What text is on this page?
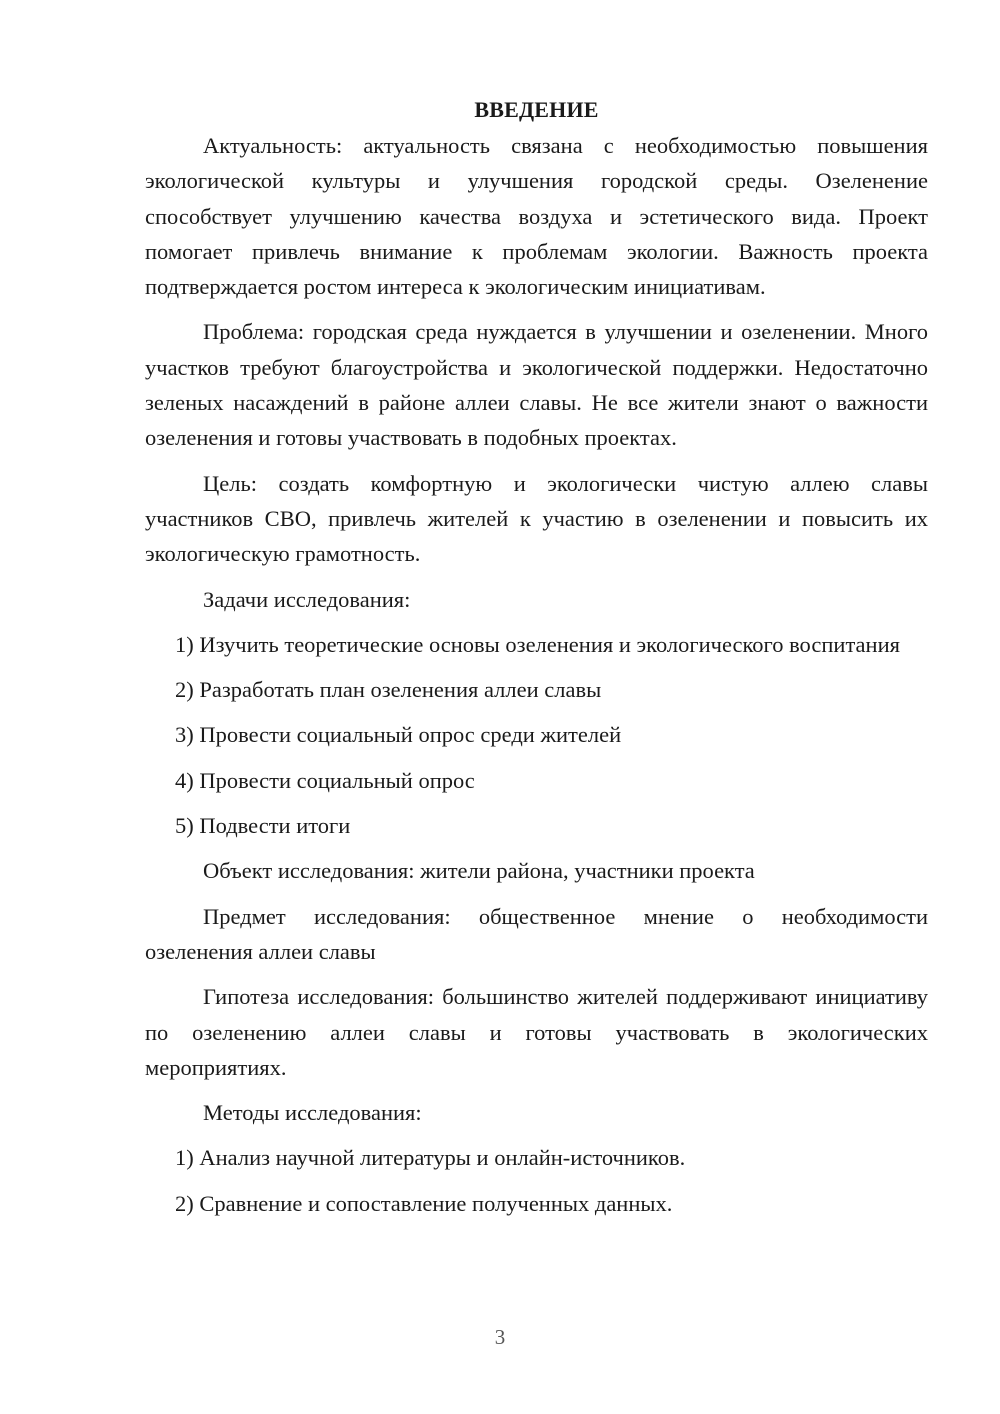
ВВЕДЕНИЕ

Актуальность: актуальность связана с необходимостью повышения экологической культуры и улучшения городской среды. Озеленение способствует улучшению качества воздуха и эстетического вида. Проект помогает привлечь внимание к проблемам экологии. Важность проекта подтверждается ростом интереса к экологическим инициативам.

Проблема: городская среда нуждается в улучшении и озеленении. Много участков требуют благоустройства и экологической поддержки. Недостаточно зеленых насаждений в районе аллеи славы. Не все жители знают о важности озеленения и готовы участвовать в подобных проектах.

Цель: создать комфортную и экологически чистую аллею славы участников СВО, привлечь жителей к участию в озеленении и повысить их экологическую грамотность.

Задачи исследования:

1) Изучить теоретические основы озеленения и экологического воспитания

2) Разработать план озеленения аллеи славы

3) Провести социальный опрос среди жителей

4) Провести социальный опрос

5) Подвести итоги

Объект исследования: жители района, участники проекта

Предмет исследования: общественное мнение о необходимости озеленения аллеи славы

Гипотеза исследования: большинство жителей поддерживают инициативу по озеленению аллеи славы и готовы участвовать в экологических мероприятиях.

Методы исследования:

1) Анализ научной литературы и онлайн-источников.

2) Сравнение и сопоставление полученных данных.

3
